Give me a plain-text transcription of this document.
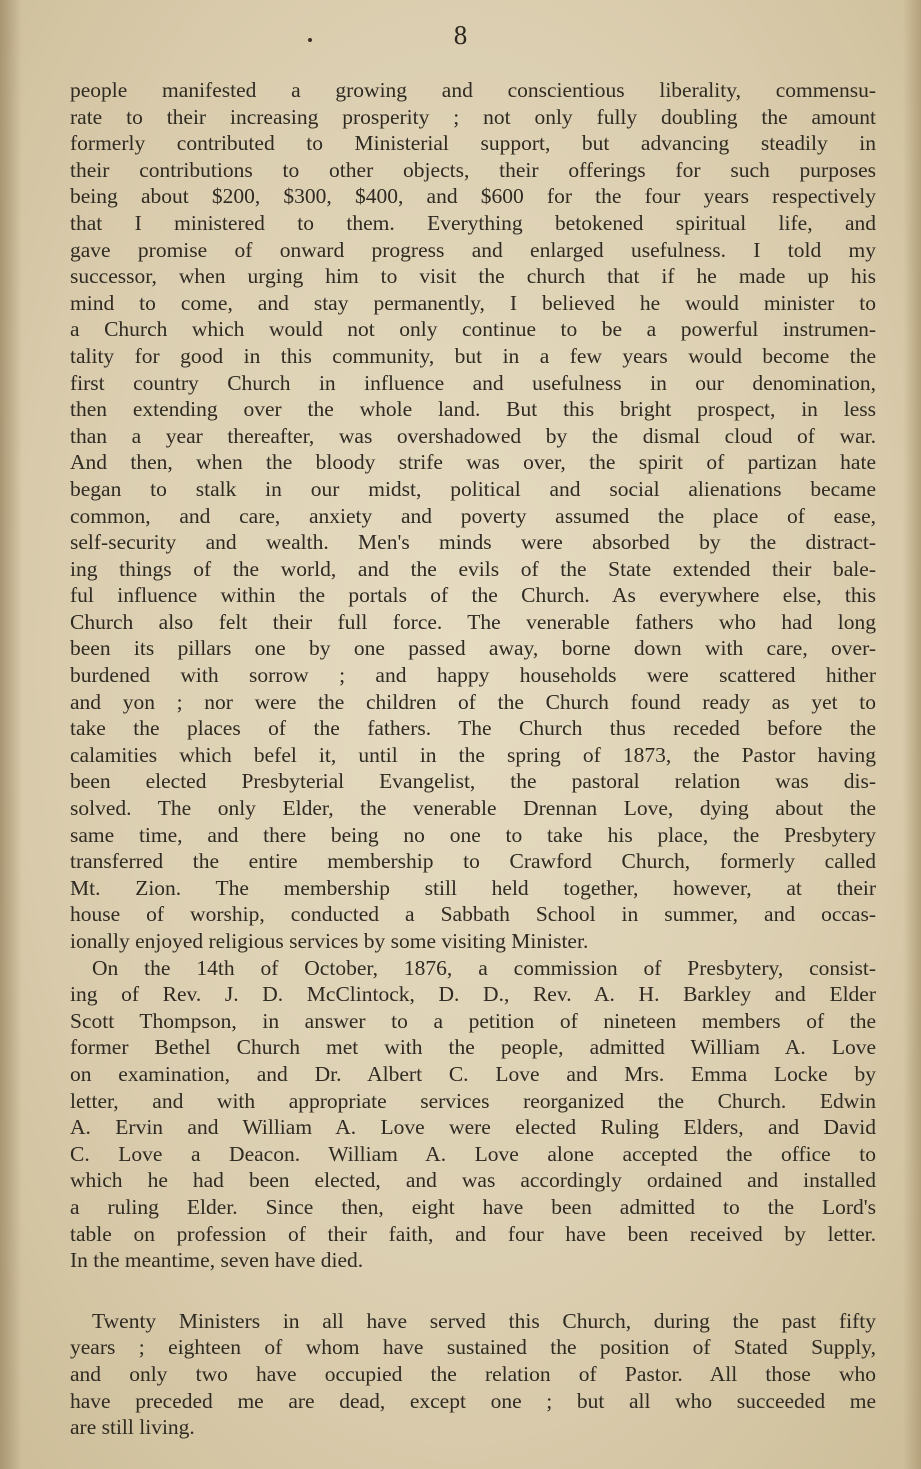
8
people manifested a growing and conscientious liberality, commensu-
rate to their increasing prosperity ; not only fully doubling the amount
formerly contributed to Ministerial support, but advancing steadily in
their contributions to other objects, their offerings for such purposes
being about $200, $300, $400, and $600 for the four years respectively
that I ministered to them. Everything betokened spiritual life, and
gave promise of onward progress and enlarged usefulness. I told my
successor, when urging him to visit the church that if he made up his
mind to come, and stay permanently, I believed he would minister to
a Church which would not only continue to be a powerful instrumen-
tality for good in this community, but in a few years would become the
first country Church in influence and usefulness in our denomination,
then extending over the whole land. But this bright prospect, in less
than a year thereafter, was overshadowed by the dismal cloud of war.
And then, when the bloody strife was over, the spirit of partizan hate
began to stalk in our midst, political and social alienations became
common, and care, anxiety and poverty assumed the place of ease,
self-security and wealth. Men's minds were absorbed by the distract-
ing things of the world, and the evils of the State extended their bale-
ful influence within the portals of the Church. As everywhere else, this
Church also felt their full force. The venerable fathers who had long
been its pillars one by one passed away, borne down with care, over-
burdened with sorrow ; and happy households were scattered hither
and yon ; nor were the children of the Church found ready as yet to
take the places of the fathers. The Church thus receded before the
calamities which befel it, until in the spring of 1873, the Pastor having
been elected Presbyterial Evangelist, the pastoral relation was dis-
solved. The only Elder, the venerable Drennan Love, dying about the
same time, and there being no one to take his place, the Presbytery
transferred the entire membership to Crawford Church, formerly called
Mt. Zion. The membership still held together, however, at their
house of worship, conducted a Sabbath School in summer, and occas-
ionally enjoyed religious services by some visiting Minister.
On the 14th of October, 1876, a commission of Presbytery, consist-
ing of Rev. J. D. McClintock, D. D., Rev. A. H. Barkley and Elder
Scott Thompson, in answer to a petition of nineteen members of the
former Bethel Church met with the people, admitted William A. Love
on examination, and Dr. Albert C. Love and Mrs. Emma Locke by
letter, and with appropriate services reorganized the Church. Edwin
A. Ervin and William A. Love were elected Ruling Elders, and David
C. Love a Deacon. William A. Love alone accepted the office to
which he had been elected, and was accordingly ordained and installed
a ruling Elder. Since then, eight have been admitted to the Lord's
table on profession of their faith, and four have been received by letter.
In the meantime, seven have died.
Twenty Ministers in all have served this Church, during the past fifty
years ; eighteen of whom have sustained the position of Stated Supply,
and only two have occupied the relation of Pastor. All those who
have preceded me are dead, except one ; but all who succeeded me
are still living.
